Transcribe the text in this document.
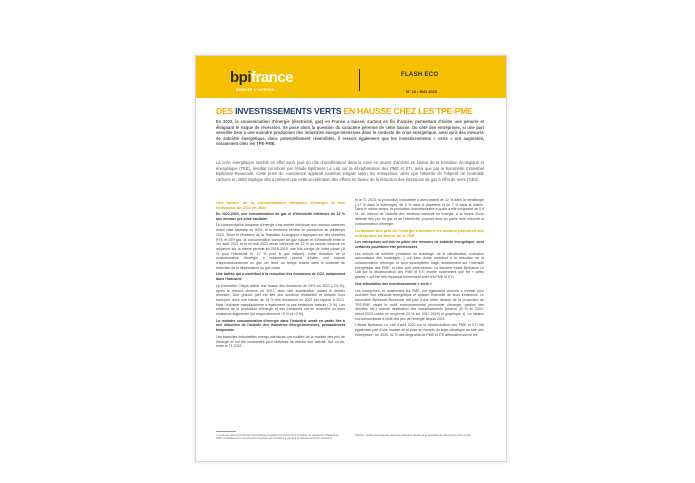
bpifrance
SERVIR L'AVENIR
FLASH ECO
N° 16 • MAI 2023
DES INVESTISSEMENTS VERTS EN HAUSSE CHEZ LES TPE-PME
En 2022, la consommation d'énergie (électricité, gaz) en France a baissé, surtout en fin d'année, permettant d'éviter une pénurie et éloignant le risque de récession. Se pose alors la question du caractère pérenne de cette baisse. Du côté des entreprises, si une part sensible tient à une moindre production des industries énergo-intensives dans le contexte de crise énergétique, ainsi qu'à des mesures de sobriété énergétique, donc potentiellement réversibles, il ressort également que les investissements « verts » ont augmenté, notamment chez les TPE-PME.
La crise énergétique semble en effet avoir joué un rôle d'accélérateur dans la mise en œuvre d'actions en faveur de la transition écologique et énergétique (TEE), résultat corroboré par l'étude Bpifrance Le Lab sur la décarbonation des PME et ETI, ainsi que par le baromètre trimestriel Bpifrance-Rexecode. Cette prise de conscience apparaît toutefois inégale selon les entreprises, alors que l'atteinte de l'objectif de neutralité carbone en 2050 implique dès à présent une nette accélération des efforts en faveur de la réduction des émissions de gaz à effet de serre (GES).
Une baisse de la consommation française d'énergie et des émissions de CO2 en 2022

En 2022-2023, une consommation de gaz et d'électricité inférieure de 12 % aux niveaux pré-crise sanitaire

La consommation française d'énergie s'est avérée inférieure aux niveaux observés avant crise sanitaire en 2022, et la tendance semble se poursuivre au printemps 2023. Selon le Ministère de la Transition Écologique s'appuyant sur des données RTE et GRTgaz, la consommation cumulée de gaz naturel et d'électricité entre le 1er août 2022 et la mi-mai 2023 serait inférieure de 12 % au niveau observé en moyenne sur la même période en 2018-2019, une fois corrigé de l'effet climat (-8 % pour l'électricité et -17 % pour le gaz naturel). Cette réduction de la consommation d'énergie a notamment permis d'éviter une rupture d'approvisionnement en gaz cet hiver, un temps crainte dans le contexte de réduction de la dépendance au gaz russe.

Une baisse qui a contribué à la réduction des émissions de CO2, notamment dans l'industrie

Le baromètre Citepa relève une baisse des émissions de GES en 2022 (-2,5 %), après le rebond observé en 2021, avec une accélération durant le dernier trimestre. Une grande part est liée aux secteurs résidentiel et tertiaire hors transport, avec une baisse de 15 % des émissions en 2022 par rapport à 2021. Mais l'industrie manufacturière a également vu ses émissions baisser (-9 %). Les secteurs de la production d'énergie et des transports ont en revanche vu leurs émissions augmenter (de respectivement +5 % et +2 %).

La moindre consommation d'énergie dans l'industrie serait en partie liée à une réduction de l'activité des industries énergo-intensives, probablement temporaire

Les branches industrielles énergo-intensives ont souffert de la montée des prix de l'énergie et ont été contraintes pour certaines de réduire leur activité. Sur un an, entre le T1 2022

et le T1 2023, la production industrielle a ainsi baissé de 12 % dans la métallurgie (-17 % dans la sidérurgie), de 9 % dans la papeterie et de 7 % dans la chimie. Dans le même temps, la production manufacturière a quant à elle progressé de 0,9 %. Un rebond de l'activité des secteurs intensifs en énergie, à la faveur d'une détente des prix du gaz et de l'électricité, pourrait donc en partie faire rebondir la consommation d'énergie.

La hausse des prix de l'énergie a accéléré les actions pérennes des entreprises en faveur de la TEE

Les entreprises ont mis en place des mesures de sobriété énergétique, dont certaines pourraient être pérennisées

Les actions de sobriété (réduction du chauffage, de la climatisation, extinction automatique des éclairages…) ont sans doute contribué à la réduction de la consommation d'énergie et sont susceptibles d'agir durablement sur l'intensité énergétique des PME, si elles sont pérennisées. La dernière étude Bpifrance Le Lab sur la décarbonation des PME et ETI montre notamment que les « petits gestes » ont été très répandus récemment chez les PME et ETI.

Une stimulation des investissements « verts »

Les entreprises, et notamment les PME, ont également cherché à investir pour accroître leur efficacité énergétique et baisser l'intensité de leurs émissions. Le baromètre Bpifrance-Rexecode fait part d'une nette hausse de la proportion de TPE-PME visant le motif environnemental (économie d'énergie, gestion des déchets, etc.) comme destination des investissements (environ 40 % fin 2022-début 2023 contre en moyenne 23 % sur 2017-2019) et graphique 1). La hausse est concomitante à celle des prix de l'énergie depuis 2021.

L'étude Bpifrance Le Lab d'avril 2023 sur la décarbonation des PME et ETI fait également part d'une hausse de la prise en compte du sujet climatique au sein des entreprises : en 2020, 31 % des dirigeants de PME et ETI affirmaient suivre les

¹ La hausse dans la production énergétique s'explique par l'arrêt d'une vingtaine de réacteurs nucléaires en 2022, conduisant à un recours plus important aux centrales à gaz et à la réouverture d'une centrale à
charbon, tandis que la hausse dans les transports résulte de la poursuite du rebond post-crise Covid.
